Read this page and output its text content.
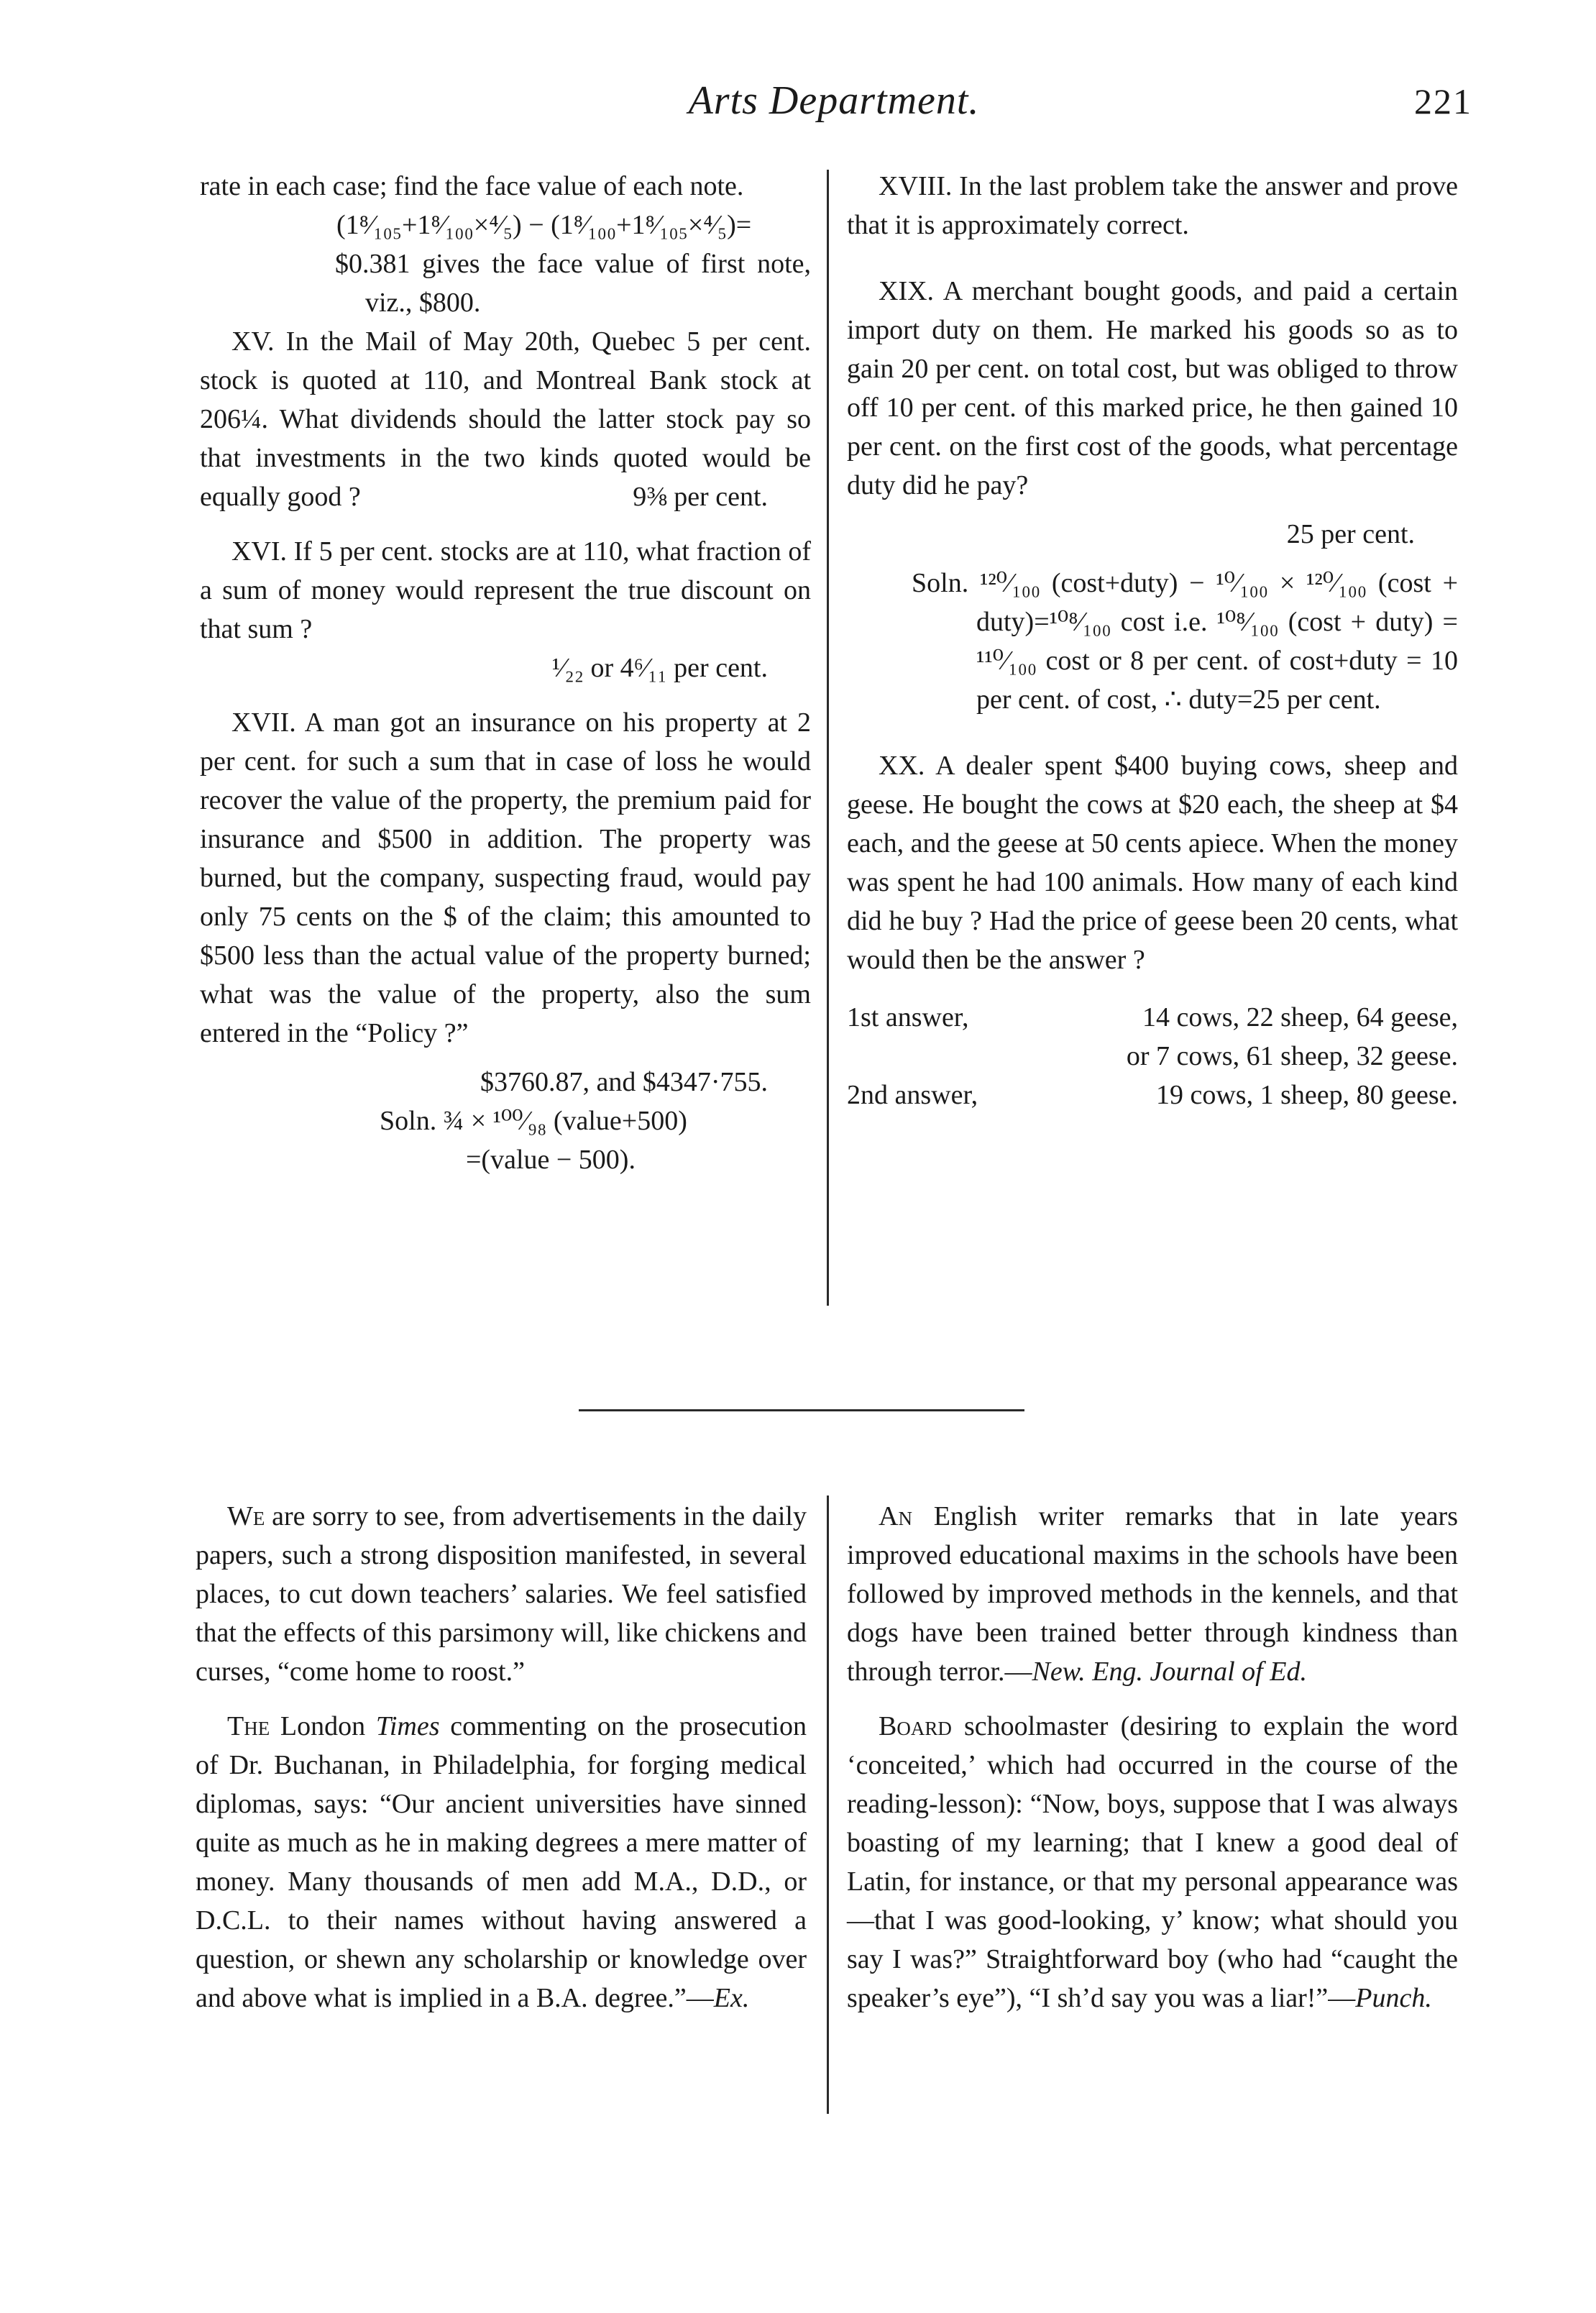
Arts Department.	221

rate in each case; find the face value of each note.

(1⁸⁄₁₀₅+1⁸⁄₁₀₀×⁴⁄₅) − (1⁸⁄₁₀₀+1⁸⁄₁₀₅×⁴⁄₅)=

$0.381 gives the face value of first note, viz., $800.

XV. In the Mail of May 20th, Quebec 5 per cent. stock is quoted at 110, and Montreal Bank stock at 206¼. What dividends should the latter stock pay so that investments in the two kinds quoted would be equally good ?	9⅜ per cent.

XVI. If 5 per cent. stocks are at 110, what fraction of a sum of money would represent the true discount on that sum ?

¹⁄₂₂ or 4⁶⁄₁₁ per cent.

XVII. A man got an insurance on his property at 2 per cent. for such a sum that in case of loss he would recover the value of the property, the premium paid for insurance and $500 in addition. The property was burned, but the company, suspecting fraud, would pay only 75 cents on the $ of the claim; this amounted to $500 less than the actual value of the property burned; what was the value of the property, also the sum entered in the “Policy ?”

$3760.87, and $4347·755.

Soln. ¾ × ¹⁰⁰⁄₉₈ (value+500)

=(value − 500).

XVIII. In the last problem take the answer and prove that it is approximately correct.

XIX. A merchant bought goods, and paid a certain import duty on them. He marked his goods so as to gain 20 per cent. on total cost, but was obliged to throw off 10 per cent. of this marked price, he then gained 10 per cent. on the first cost of the goods, what percentage duty did he pay?

25 per cent.

Soln. ¹²⁰⁄₁₀₀ (cost+duty) − ¹⁰⁄₁₀₀ × ¹²⁰⁄₁₀₀ (cost + duty)=¹⁰⁸⁄₁₀₀ cost i.e. ¹⁰⁸⁄₁₀₀ (cost + duty) = ¹¹⁰⁄₁₀₀ cost or 8 per cent. of cost+duty = 10 per cent. of cost, ∴ duty=25 per cent.

XX. A dealer spent $400 buying cows, sheep and geese. He bought the cows at $20 each, the sheep at $4 each, and the geese at 50 cents apiece. When the money was spent he had 100 animals. How many of each kind did he buy ? Had the price of geese been 20 cents, what would then be the answer ?

1st answer,	14 cows, 22 sheep, 64 geese,
	or 7 cows, 61 sheep, 32 geese.
2nd answer,	19 cows, 1 sheep, 80 geese.

We are sorry to see, from advertisements in the daily papers, such a strong disposition manifested, in several places, to cut down teachers’ salaries. We feel satisfied that the effects of this parsimony will, like chickens and curses, “come home to roost.”

The London Times commenting on the prosecution of Dr. Buchanan, in Philadelphia, for forging medical diplomas, says: “Our ancient universities have sinned quite as much as he in making degrees a mere matter of money. Many thousands of men add M.A., D.D., or D.C.L. to their names without having answered a question, or shewn any scholarship or knowledge over and above what is implied in a B.A. degree.”—Ex.

An English writer remarks that in late years improved educational maxims in the schools have been followed by improved methods in the kennels, and that dogs have been trained better through kindness than through terror.—New. Eng. Journal of Ed.

Board schoolmaster (desiring to explain the word ‘conceited,’ which had occurred in the course of the reading-lesson): “Now, boys, suppose that I was always boasting of my learning; that I knew a good deal of Latin, for instance, or that my personal appearance was—that I was good-looking, y’ know; what should you say I was?” Straightforward boy (who had “caught the speaker’s eye”), “I sh’d say you was a liar!”—Punch.
